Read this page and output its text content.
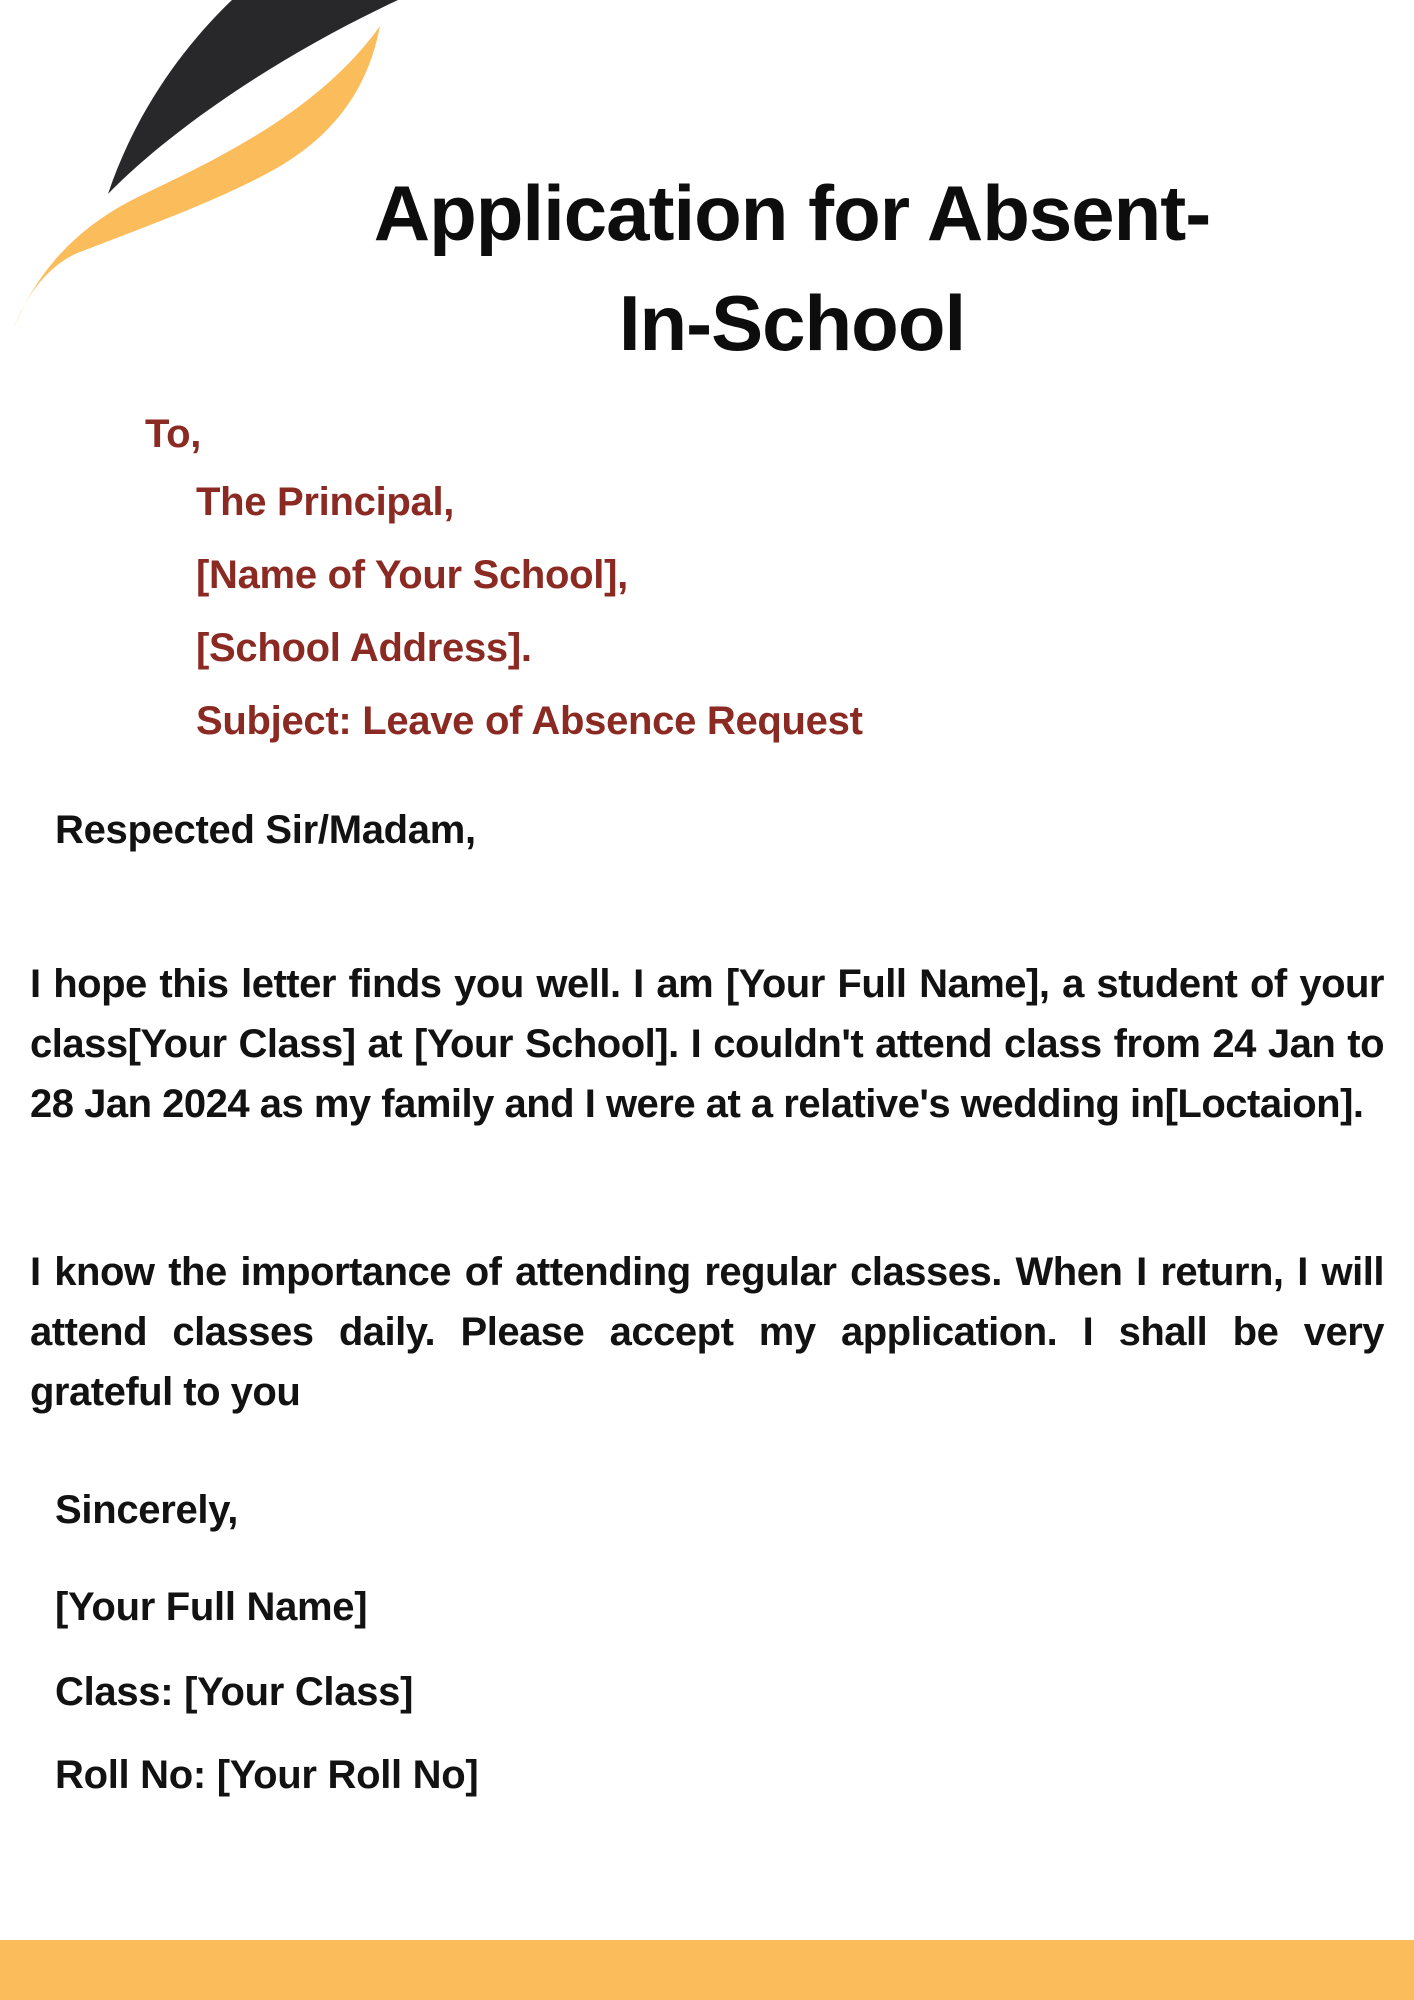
Application for Absent-
In-School
To,
The Principal,
[Name of Your School],
[School Address].
Subject: Leave of Absence Request
Respected Sir/Madam,

I hope this letter finds you well. I am [Your Full Name], a student of your class[Your Class] at [Your School]. I couldn't attend class from 24 Jan to 28 Jan 2024 as my family and I were at a relative's wedding in[Loctaion].

I know the importance of attending regular classes. When I return, I will attend classes daily. Please accept my application. I shall be very grateful to you

Sincerely,
[Your Full Name]
Class: [Your Class]
Roll No: [Your Roll No]
